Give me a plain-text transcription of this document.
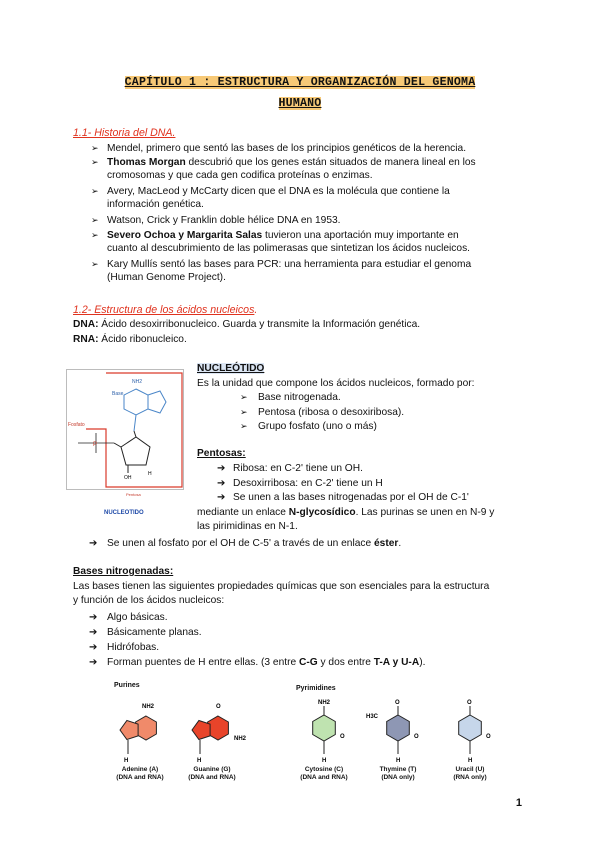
CAPÍTULO 1 : ESTRUCTURA Y ORGANIZACIÓN DEL GENOMA
HUMANO
1.1- Historia del DNA.
➢ Mendel, primero que sentó las bases de los principios genéticos de la herencia.
➢ Thomas Morgan descubrió que los genes están situados de manera lineal en los
cromosomas y que cada gen codifica proteínas o enzimas.
➢ Avery, MacLeod y McCarty dicen que el DNA es la molécula que contiene la
información genética.
➢ Watson, Crick y Franklin doble hélice DNA en 1953.
➢ Severo Ochoa y Margarita Salas tuvieron una aportación muy importante en
cuanto al descubrimiento de las polimerasas que sintetizan los ácidos nucleicos.
➢ Kary Mullís sentó las bases para PCR: una herramienta para estudiar el genoma
(Human Genome Project).
1.2- Estructura de los ácidos nucleicos.
DNA: Ácido desoxirribonucleico. Guarda y transmite la Información genética.
RNA: Ácido ribonucleico.
NH2
Base
P
Fosfato
OH
H
Pentosa
NUCLEOTIDO
NUCLEÓTIDO
Es la unidad que compone los ácidos nucleicos, formado por:
➢ Base nitrogenada.
➢ Pentosa (ribosa o desoxiribosa).
➢ Grupo fosfato (uno o más)
Pentosas:
➔ Ribosa: en C-2' tiene un OH.
➔ Desoxirribosa: en C-2' tiene un H
➔ Se unen a las bases nitrogenadas por el OH de C-1'
mediante un enlace N-glycosídico. Las purinas se unen en N-9 y
las pirimidinas en N-1.
➔ Se unen al fosfato por el OH de C-5' a través de un enlace éster.
Bases nitrogenadas:
Las bases tienen las siguientes propiedades químicas que son esenciales para la estructura
y función de los ácidos nucleicos:
➔ Algo básicas.
➔ Básicamente planas.
➔ Hidrófobas.
➔ Forman puentes de H entre ellas. (3 entre C-G y dos entre T-A y U-A).
Purines	Pyrimidines
NH2
H
O
NH2
H
NH2
O
H
H3C
O
O
H
O
O
H
Adenine (A)
(DNA and RNA)
Guanine (G)
(DNA and RNA)
Cytosine (C)
(DNA and RNA)
Thymine (T)
(DNA only)
Uracil (U)
(RNA only)
1
